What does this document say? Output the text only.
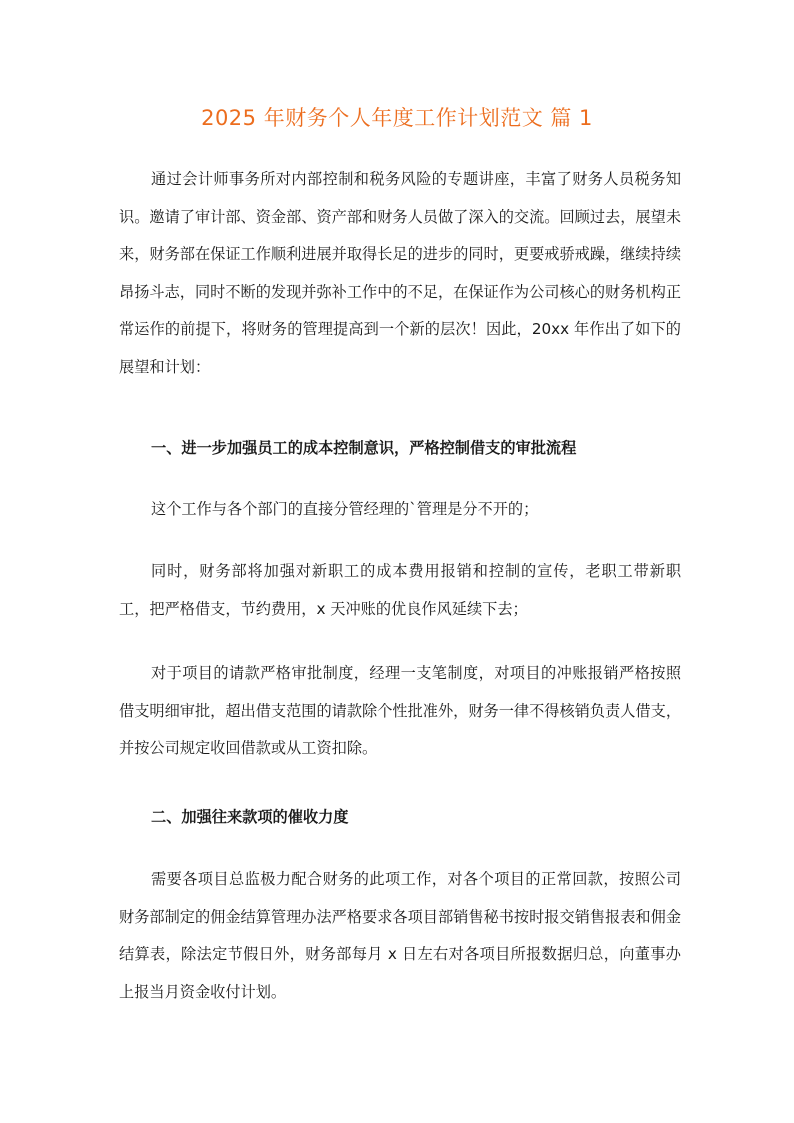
2025 年财务个人年度工作计划范文 篇 1

通过会计师事务所对内部控制和税务风险的专题讲座，丰富了财务人员税务知识。邀请了审计部、资金部、资产部和财务人员做了深入的交流。回顾过去，展望未来，财务部在保证工作顺利进展并取得长足的进步的同时，更要戒骄戒躁，继续持续昂扬斗志，同时不断的发现并弥补工作中的不足，在保证作为公司核心的财务机构正常运作的前提下，将财务的管理提高到一个新的层次！因此，20xx 年作出了如下的展望和计划：

一、进一步加强员工的成本控制意识，严格控制借支的审批流程

这个工作与各个部门的直接分管经理的`管理是分不开的；

同时，财务部将加强对新职工的成本费用报销和控制的宣传，老职工带新职工，把严格借支，节约费用，x 天冲账的优良作风延续下去；

对于项目的请款严格审批制度，经理一支笔制度，对项目的冲账报销严格按照借支明细审批，超出借支范围的请款除个性批准外，财务一律不得核销负责人借支，并按公司规定收回借款或从工资扣除。

二、加强往来款项的催收力度

需要各项目总监极力配合财务的此项工作，对各个项目的正常回款，按照公司财务部制定的佣金结算管理办法严格要求各项目部销售秘书按时报交销售报表和佣金结算表，除法定节假日外，财务部每月 x 日左右对各项目所报数据归总，向董事办上报当月资金收付计划。
